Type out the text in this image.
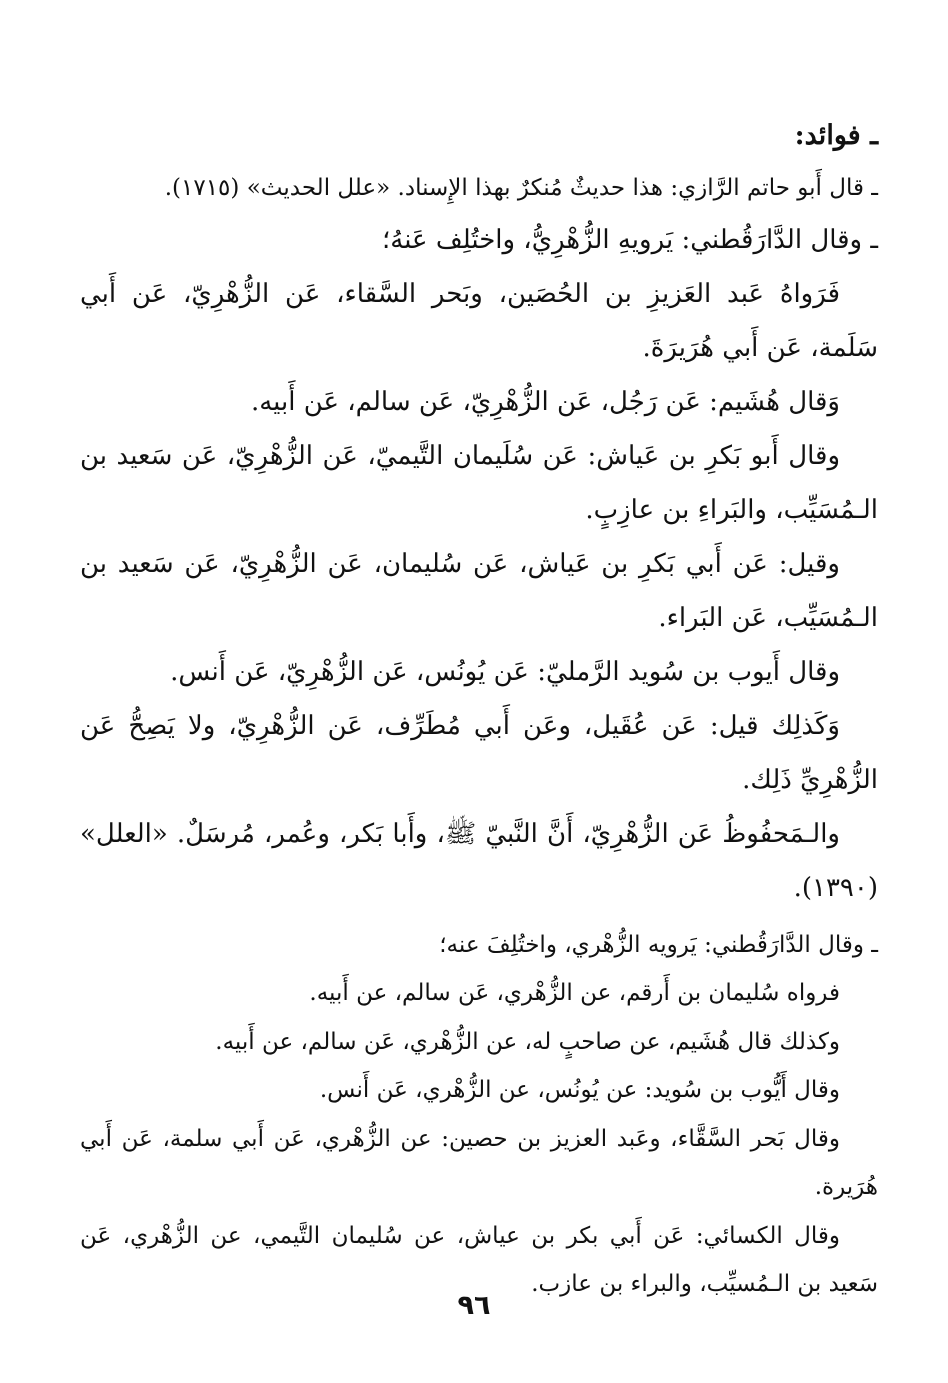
ـ فوائد:

ـ قال أَبو حاتم الرَّازي: هذا حديثٌ مُنكرٌ بهذا الإِسناد. «علل الحديث» (١٧١٥).

ـ وقال الدَّارَقُطني: يَرويهِ الزُّهْرِيُّ، واختُلِف عَنهُ؛

فَرَواهُ عَبد العَزيزِ بن الحُصَين، وبَحر السَّقاء، عَن الزُّهْرِيّ، عَن أَبي سَلَمة، عَن أَبي هُرَيرَةَ.

وَقال هُشَيم: عَن رَجُل، عَن الزُّهْرِيّ، عَن سالم، عَن أَبيه.

وقال أَبو بَكرِ بن عَياش: عَن سُلَيمان التَّيميّ، عَن الزُّهْرِيّ، عَن سَعيد بن الـمُسَيِّب، والبَراءِ بن عازِبٍ.

وقيل: عَن أَبي بَكرِ بن عَياش، عَن سُليمان، عَن الزُّهْرِيّ، عَن سَعيد بن الـمُسَيِّب، عَن البَراء.

وقال أَيوب بن سُويد الرَّمليّ: عَن يُونُس، عَن الزُّهْرِيّ، عَن أَنس.

وَكَذلِك قيل: عَن عُقَيل، وعَن أَبي مُطَرِّف، عَن الزُّهْرِيّ، ولا يَصِحُّ عَن الزُّهْرِيِّ ذَلِك.

والـمَحفُوظُ عَن الزُّهْرِيّ، أَنَّ النَّبيّ ﷺ، وأَبا بَكر، وعُمر، مُرسَلٌ. «العلل» (١٣٩٠).

ـ وقال الدَّارَقُطني: يَرويه الزُّهْري، واختُلِفَ عنه؛

فرواه سُليمان بن أَرقم، عن الزُّهْري، عَن سالم، عن أَبيه.

وكذلك قال هُشَيم، عن صاحبٍ له، عن الزُّهْري، عَن سالم، عن أَبيه.

وقال أَيُّوب بن سُويد: عن يُونُس، عن الزُّهْري، عَن أَنس.

وقال بَحر السَّقَّاء، وعَبد العزيز بن حصين: عن الزُّهْري، عَن أَبي سلمة، عَن أَبي هُرَيرة.

وقال الكسائي: عَن أَبي بكر بن عياش، عن سُليمان التَّيمي، عن الزُّهْري، عَن سَعيد بن الـمُسيِّب، والبراء بن عازب.

٩٦
